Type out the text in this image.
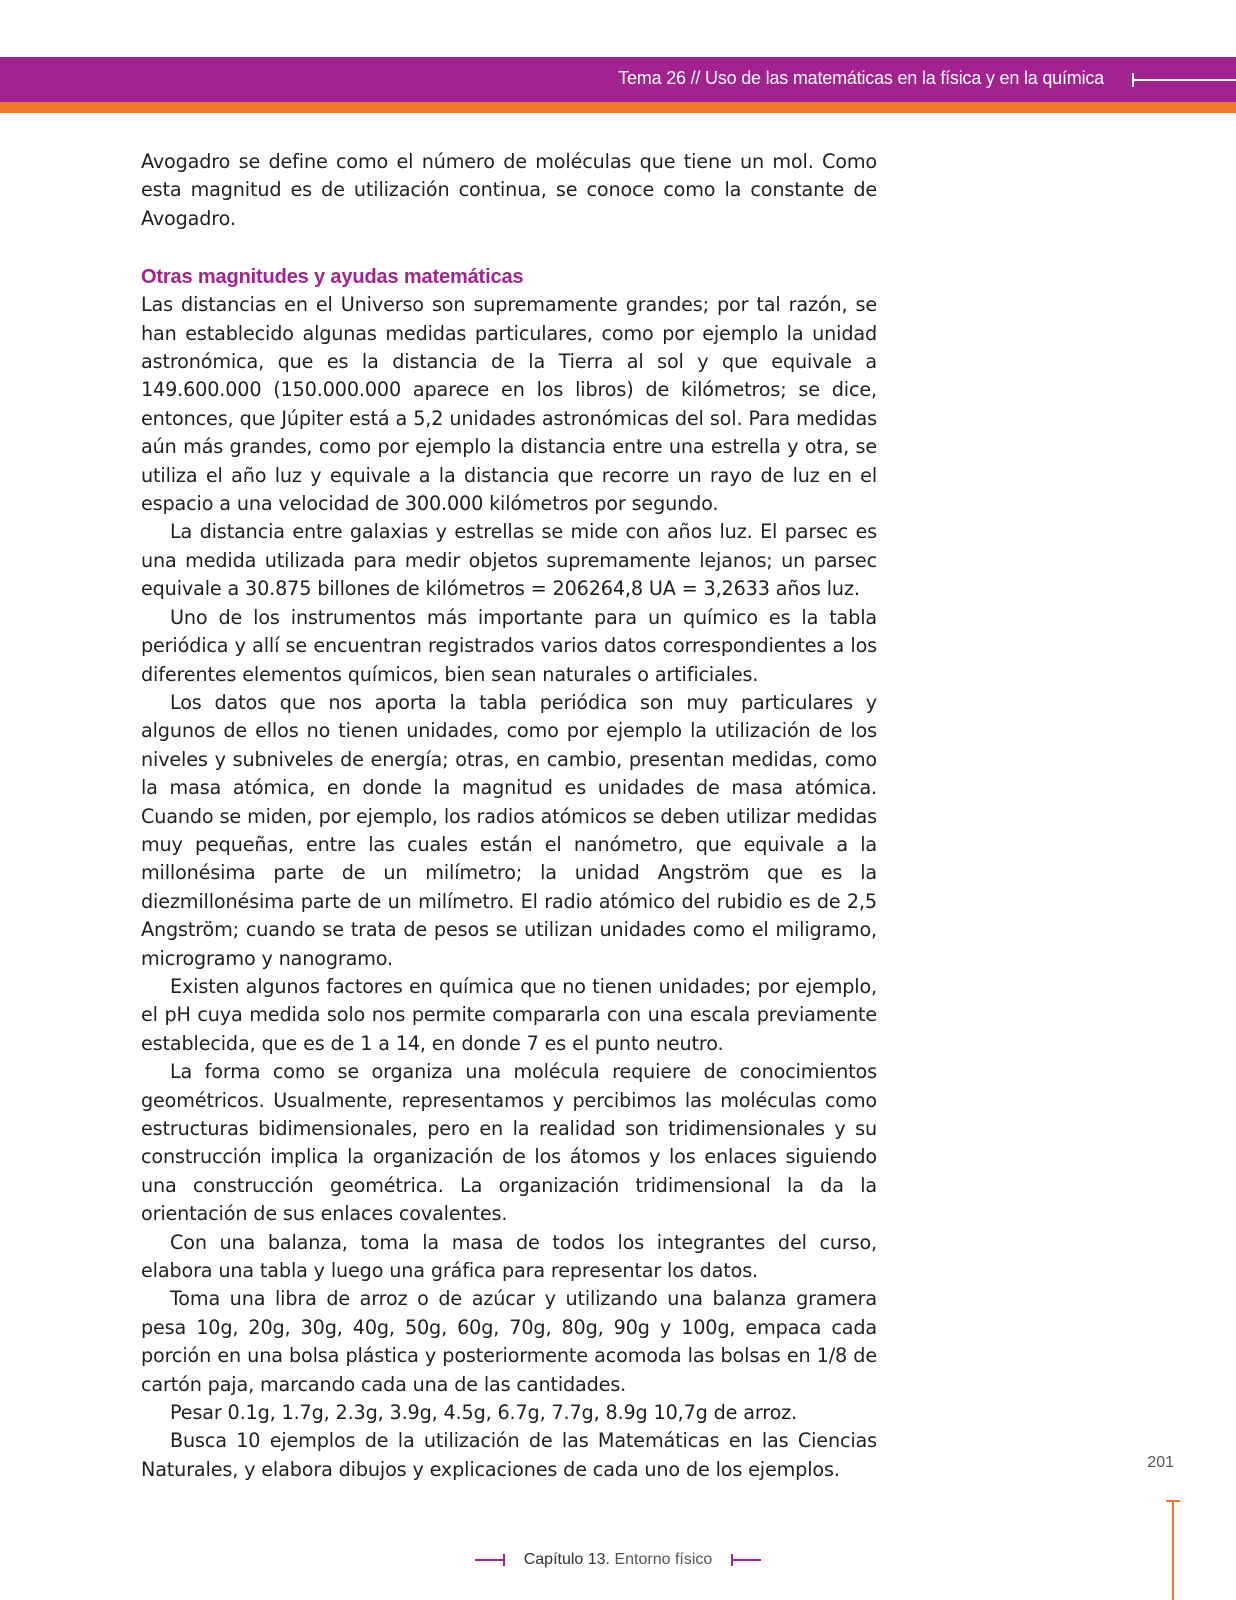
Tema 26 // Uso de las matemáticas en la física y en la química

Avogadro se define como el número de moléculas que tiene un mol. Como esta magnitud es de utilización continua, se conoce como la constante de Avogadro.

Otras magnitudes y ayudas matemáticas

Las distancias en el Universo son supremamente grandes; por tal razón, se han establecido algunas medidas particulares, como por ejemplo la unidad astronómica, que es la distancia de la Tierra al sol y que equivale a 149.600.000 (150.000.000 aparece en los libros) de kilómetros; se dice, entonces, que Júpiter está a 5,2 unidades astronómicas del sol. Para medidas aún más grandes, como por ejemplo la distancia entre una estrella y otra, se utiliza el año luz y equivale a la distancia que recorre un rayo de luz en el espacio a una velocidad de 300.000 kilómetros por segundo.

La distancia entre galaxias y estrellas se mide con años luz. El parsec es una medida utilizada para medir objetos supremamente lejanos; un parsec equivale a 30.875 billones de kilómetros = 206264,8 UA = 3,2633 años luz.

Uno de los instrumentos más importante para un químico es la tabla periódica y allí se encuentran registrados varios datos correspondientes a los diferentes elementos químicos, bien sean naturales o artificiales.

Los datos que nos aporta la tabla periódica son muy particulares y algunos de ellos no tienen unidades, como por ejemplo la utilización de los niveles y subniveles de energía; otras, en cambio, presentan medidas, como la masa atómica, en donde la magnitud es unidades de masa atómica. Cuando se miden, por ejemplo, los radios atómicos se deben utilizar medidas muy pequeñas, entre las cuales están el nanómetro, que equivale a la millonésima parte de un milímetro; la unidad Angström que es la diezmillonésima parte de un milímetro. El radio atómico del rubidio es de 2,5 Angström; cuando se trata de pesos se utilizan unidades como el miligramo, microgramo y nanogramo.

Existen algunos factores en química que no tienen unidades; por ejemplo, el pH cuya medida solo nos permite compararla con una escala previamente establecida, que es de 1 a 14, en donde 7 es el punto neutro.

La forma como se organiza una molécula requiere de conocimientos geométricos. Usualmente, representamos y percibimos las moléculas como estructuras bidimensionales, pero en la realidad son tridimensionales y su construcción implica la organización de los átomos y los enlaces siguiendo una construcción geométrica. La organización tridimensional la da la orientación de sus enlaces covalentes.

Con una balanza, toma la masa de todos los integrantes del curso, elabora una tabla y luego una gráfica para representar los datos.

Toma una libra de arroz o de azúcar y utilizando una balanza gramera pesa 10g, 20g, 30g, 40g, 50g, 60g, 70g, 80g, 90g y 100g, empaca cada porción en una bolsa plástica y posteriormente acomoda las bolsas en 1/8 de cartón paja, marcando cada una de las cantidades.

Pesar 0.1g, 1.7g, 2.3g, 3.9g, 4.5g, 6.7g, 7.7g, 8.9g 10,7g de arroz.

Busca 10 ejemplos de la utilización de las Matemáticas en las Ciencias Naturales, y elabora dibujos y explicaciones de cada uno de los ejemplos.	201
Capítulo 13. Entorno físico
